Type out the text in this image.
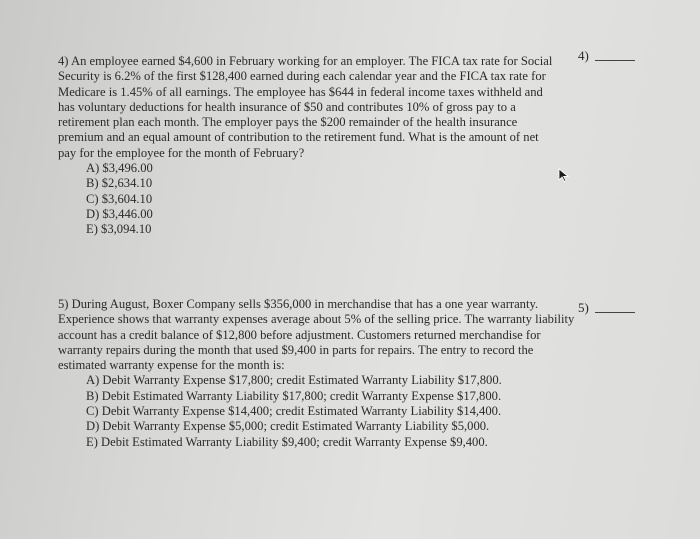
4) An employee earned $4,600 in February working for an employer. The FICA tax rate for Social Security is 6.2% of the first $128,400 earned during each calendar year and the FICA tax rate for Medicare is 1.45% of all earnings. The employee has $644 in federal income taxes withheld and has voluntary deductions for health insurance of $50 and contributes 10% of gross pay to a retirement plan each month. The employer pays the $200 remainder of the health insurance premium and an equal amount of contribution to the retirement fund. What is the amount of net pay for the employee for the month of February?

A) $3,496.00
B) $2,634.10
C) $3,604.10
D) $3,446.00
E) $3,094.10
4)

5) During August, Boxer Company sells $356,000 in merchandise that has a one year warranty. Experience shows that warranty expenses average about 5% of the selling price. The warranty liability account has a credit balance of $12,800 before adjustment. Customers returned merchandise for warranty repairs during the month that used $9,400 in parts for repairs. The entry to record the estimated warranty expense for the month is:

A) Debit Warranty Expense $17,800; credit Estimated Warranty Liability $17,800.
B) Debit Estimated Warranty Liability $17,800; credit Warranty Expense $17,800.
C) Debit Warranty Expense $14,400; credit Estimated Warranty Liability $14,400.
D) Debit Warranty Expense $5,000; credit Estimated Warranty Liability $5,000.
E) Debit Estimated Warranty Liability $9,400; credit Warranty Expense $9,400.
5)
